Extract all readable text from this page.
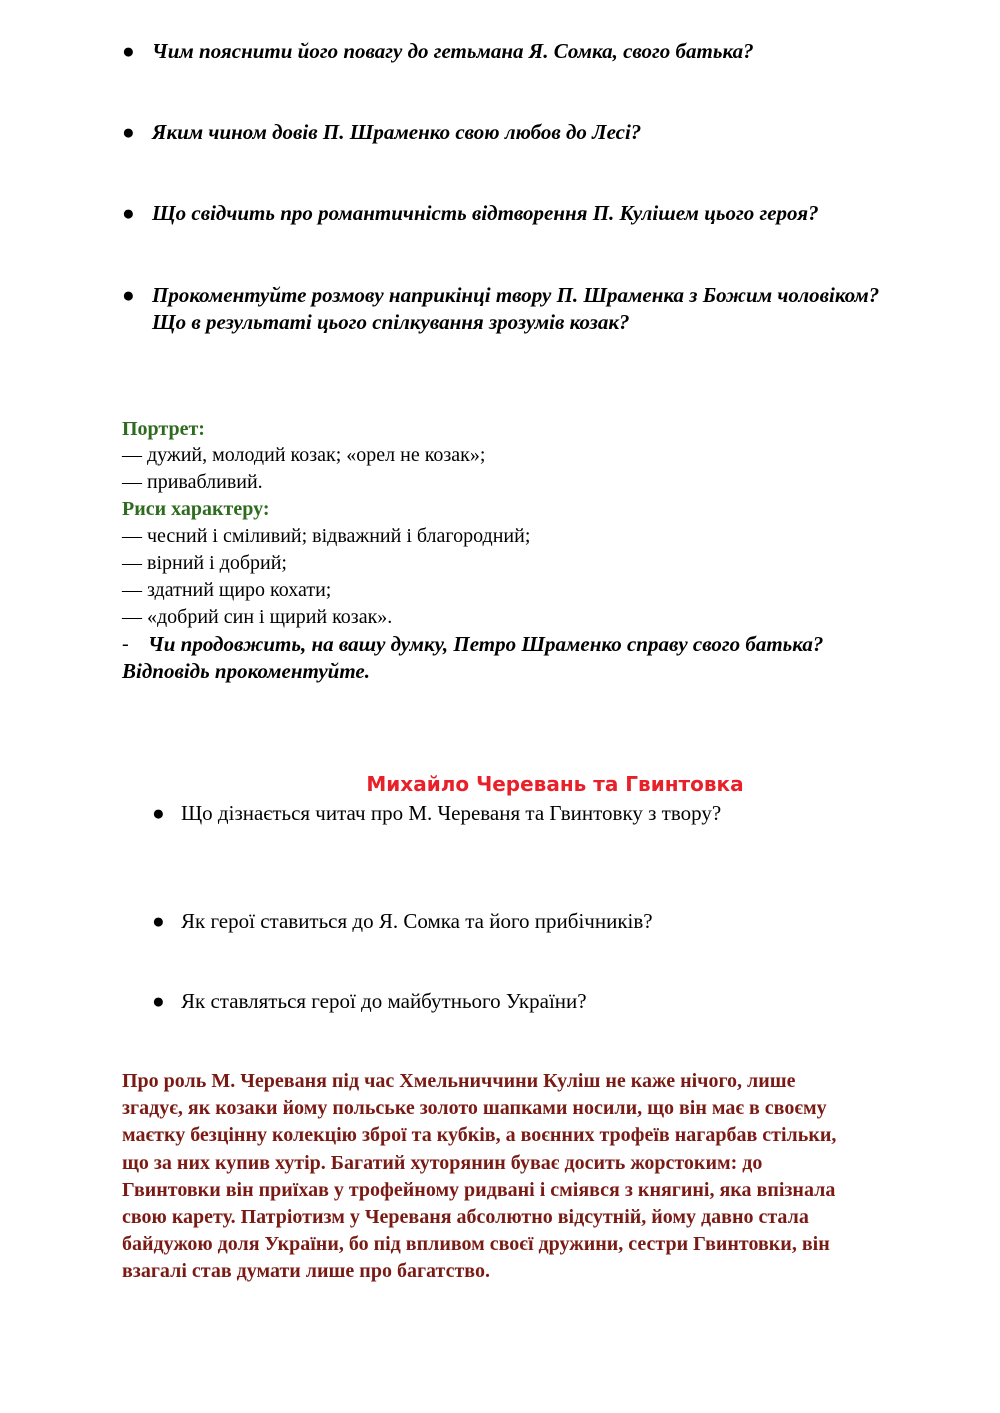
● Чим пояснити його повагу до гетьмана Я. Сомка, свого батька?
● Яким чином довів П. Шраменко свою любов до Лесі?
● Що свідчить про романтичність відтворення П. Кулішем цього героя?
● Прокоментуйте розмову наприкінці твору П. Шраменка з Божим чоловіком?
Що в результаті цього спілкування зрозумів козак?
Портрет:
— дужий, молодий козак; «орел не козак»;
— привабливий.
Риси характеру:
— чесний і сміливий; відважний і благородний;
— вірний і добрий;
— здатний щиро кохати;
— «добрий син і щирий козак».
- Чи продовжить, на вашу думку, Петро Шраменко справу свого батька?
Відповідь прокоментуйте.
Михайло Черевань та Гвинтовка
● Що дізнається читач про М. Череваня та Гвинтовку з твору?
● Як герої ставиться до Я. Сомка та його прибічників?
● Як ставляться герої до майбутнього України?
Про роль М. Череваня під час Хмельниччини Куліш не каже нічого, лише
згадує, як козаки йому польське золото шапками носили, що він має в своєму
маєтку безцінну колекцію зброї та кубків, а воєнних трофеїв нагарбав стільки,
що за них купив хутір. Багатий хуторянин буває досить жорстоким: до
Гвинтовки він приїхав у трофейному ридвані і сміявся з княгині, яка впізнала
свою карету. Патріотизм у Череваня абсолютно відсутній, йому давно стала
байдужою доля України, бо під впливом своєї дружини, сестри Гвинтовки, він
взагалі став думати лише про багатство.
